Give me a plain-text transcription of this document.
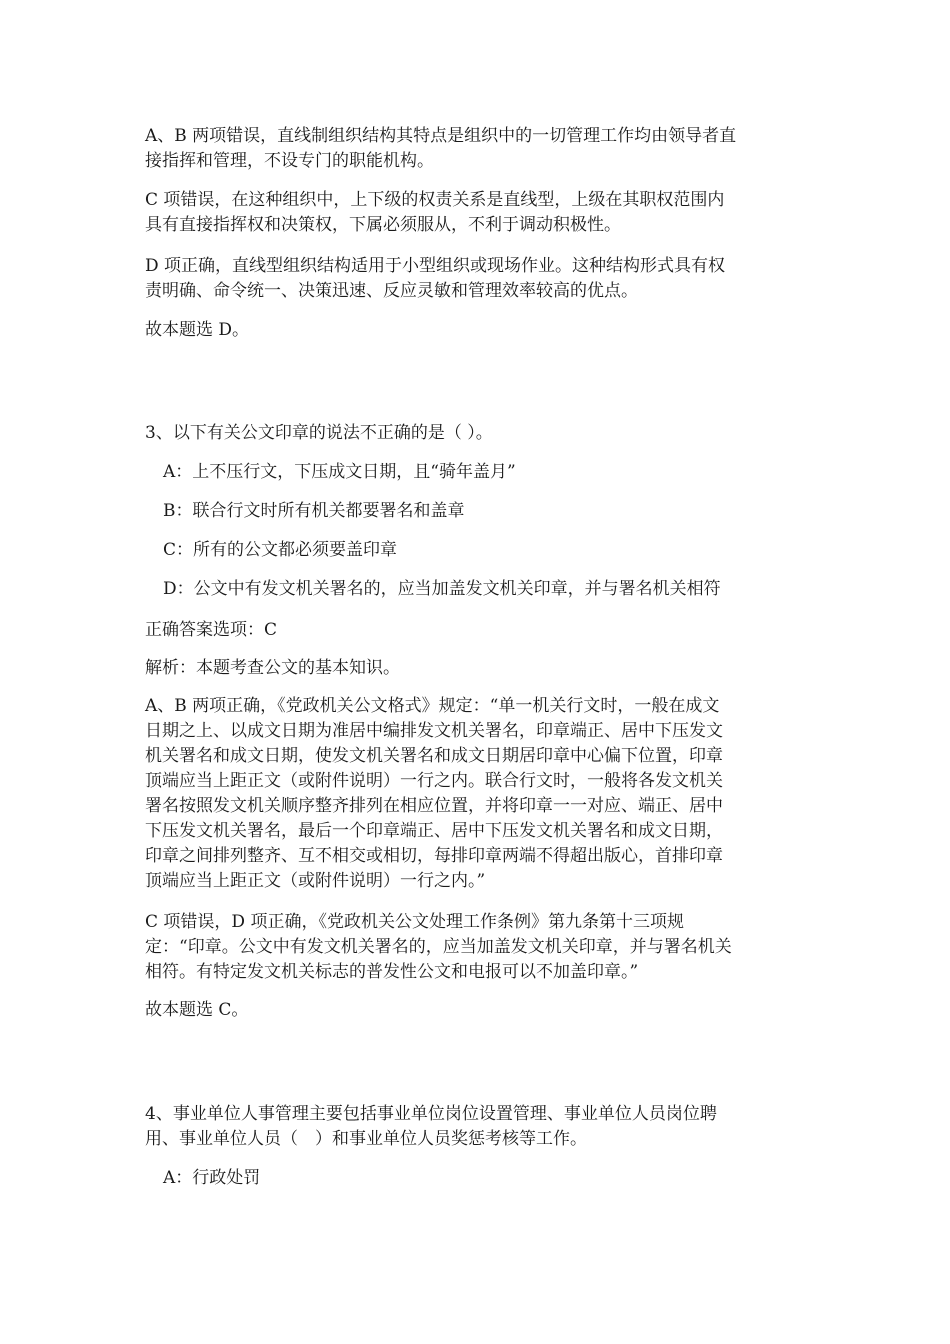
A、B 两项错误，直线制组织结构其特点是组织中的一切管理工作均由领导者直
接指挥和管理，不设专门的职能机构。

C 项错误，在这种组织中，上下级的权责关系是直线型，上级在其职权范围内
具有直接指挥权和决策权，下属必须服从，不利于调动积极性。

D 项正确，直线型组织结构适用于小型组织或现场作业。这种结构形式具有权
责明确、命令统一、决策迅速、反应灵敏和管理效率较高的优点。

故本题选 D。

3、以下有关公文印章的说法不正确的是（ ）。

A：上不压行文，下压成文日期，且“骑年盖月”

B：联合行文时所有机关都要署名和盖章

C：所有的公文都必须要盖印章

D：公文中有发文机关署名的，应当加盖发文机关印章，并与署名机关相符

正确答案选项：C

解析：本题考查公文的基本知识。

A、B 两项正确，《党政机关公文格式》规定：“单一机关行文时，一般在成文
日期之上、以成文日期为准居中编排发文机关署名，印章端正、居中下压发文
机关署名和成文日期，使发文机关署名和成文日期居印章中心偏下位置，印章
顶端应当上距正文（或附件说明）一行之内。联合行文时，一般将各发文机关
署名按照发文机关顺序整齐排列在相应位置，并将印章一一对应、端正、居中
下压发文机关署名，最后一个印章端正、居中下压发文机关署名和成文日期，
印章之间排列整齐、互不相交或相切，每排印章两端不得超出版心，首排印章
顶端应当上距正文（或附件说明）一行之内。”

C 项错误，D 项正确，《党政机关公文处理工作条例》第九条第十三项规
定：“印章。公文中有发文机关署名的，应当加盖发文机关印章，并与署名机关
相符。有特定发文机关标志的普发性公文和电报可以不加盖印章。”

故本题选 C。

4、事业单位人事管理主要包括事业单位岗位设置管理、事业单位人员岗位聘
用、事业单位人员（　）和事业单位人员奖惩考核等工作。

A：行政处罚
